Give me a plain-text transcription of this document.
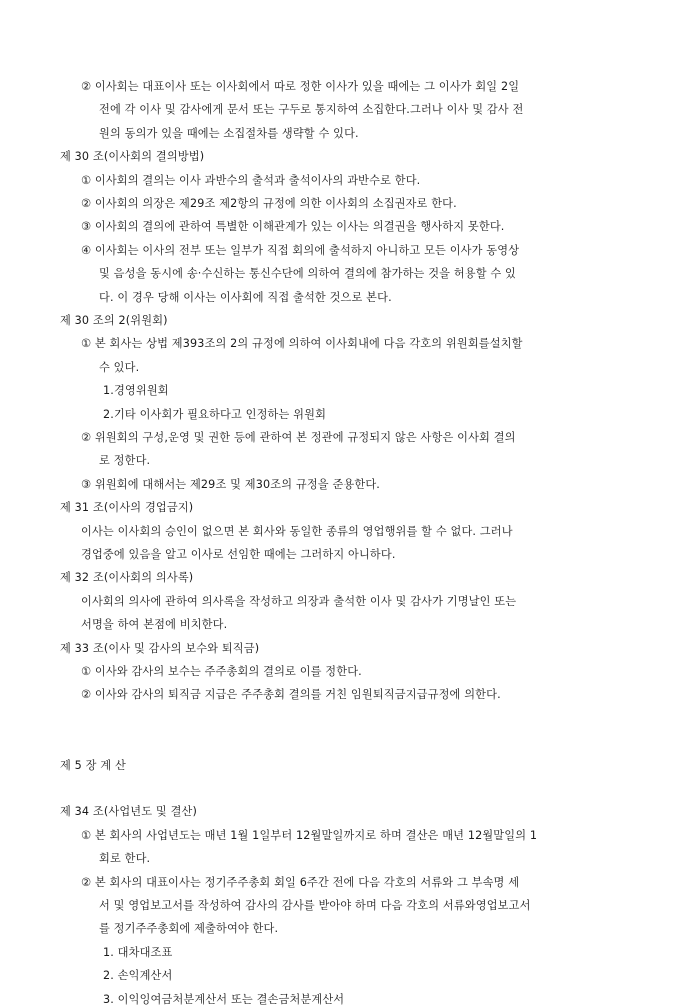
② 이사회는 대표이사 또는 이사회에서 따로 정한 이사가 있을 때에는 그 이사가 회일 2일
전에 각 이사 및 감사에게 문서 또는 구두로 통지하여 소집한다.그러나 이사 및 감사 전
원의 동의가 있을 때에는 소집절차를 생략할 수 있다.
제 30 조(이사회의 결의방법)
① 이사회의 결의는 이사 과반수의 출석과 출석이사의 과반수로 한다.
② 이사회의 의장은 제29조 제2항의 규정에 의한 이사회의 소집권자로 한다.
③ 이사회의 결의에 관하여 특별한 이해관계가 있는 이사는 의결권을 행사하지 못한다.
④ 이사회는 이사의 전부 또는 일부가 직접 회의에 출석하지 아니하고 모든 이사가 동영상
및 음성을 동시에 송·수신하는 통신수단에 의하여 결의에 참가하는 것을 허용할 수 있
다. 이 경우 당해 이사는 이사회에 직접 출석한 것으로 본다.
제 30 조의 2(위원회)
① 본 회사는 상법 제393조의 2의 규정에 의하여 이사회내에 다음 각호의 위원회를설치할
수 있다.
1.경영위원회
2.기타 이사회가 필요하다고 인정하는 위원회
② 위원회의 구성,운영 및 권한 등에 관하여 본 정관에 규정되지 않은 사항은 이사회 결의
로 정한다.
③ 위원회에 대해서는 제29조 및 제30조의 규정을 준용한다.
제 31 조(이사의 경업금지)
이사는 이사회의 승인이 없으면 본 회사와 동일한 종류의 영업행위를 할 수 없다. 그러나
경업중에 있음을 알고 이사로 선임한 때에는 그러하지 아니하다.
제 32 조(이사회의 의사록)
이사회의 의사에 관하여 의사록을 작성하고 의장과 출석한 이사 및 감사가 기명날인 또는
서명을 하여 본점에 비치한다.
제 33 조(이사 및 감사의 보수와 퇴직금)
① 이사와 감사의 보수는 주주총회의 결의로 이를 정한다.
② 이사와 감사의 퇴직금 지급은 주주총회 결의를 거친 임원퇴직금지급규정에 의한다.
제 5 장 계 산
제 34 조(사업년도 및 결산)
① 본 회사의 사업년도는 매년 1월 1일부터 12월말일까지로 하며 결산은 매년 12월말일의 1
회로 한다.
② 본 회사의 대표이사는 정기주주총회 회일 6주간 전에 다음 각호의 서류와 그 부속명 세
서 및 영업보고서를 작성하여 감사의 감사를 받아야 하며 다음 각호의 서류와영업보고서
를 정기주주총회에 제출하여야 한다.
1. 대차대조표
2. 손익계산서
3. 이익잉여금처분계산서 또는 결손금처분계산서
